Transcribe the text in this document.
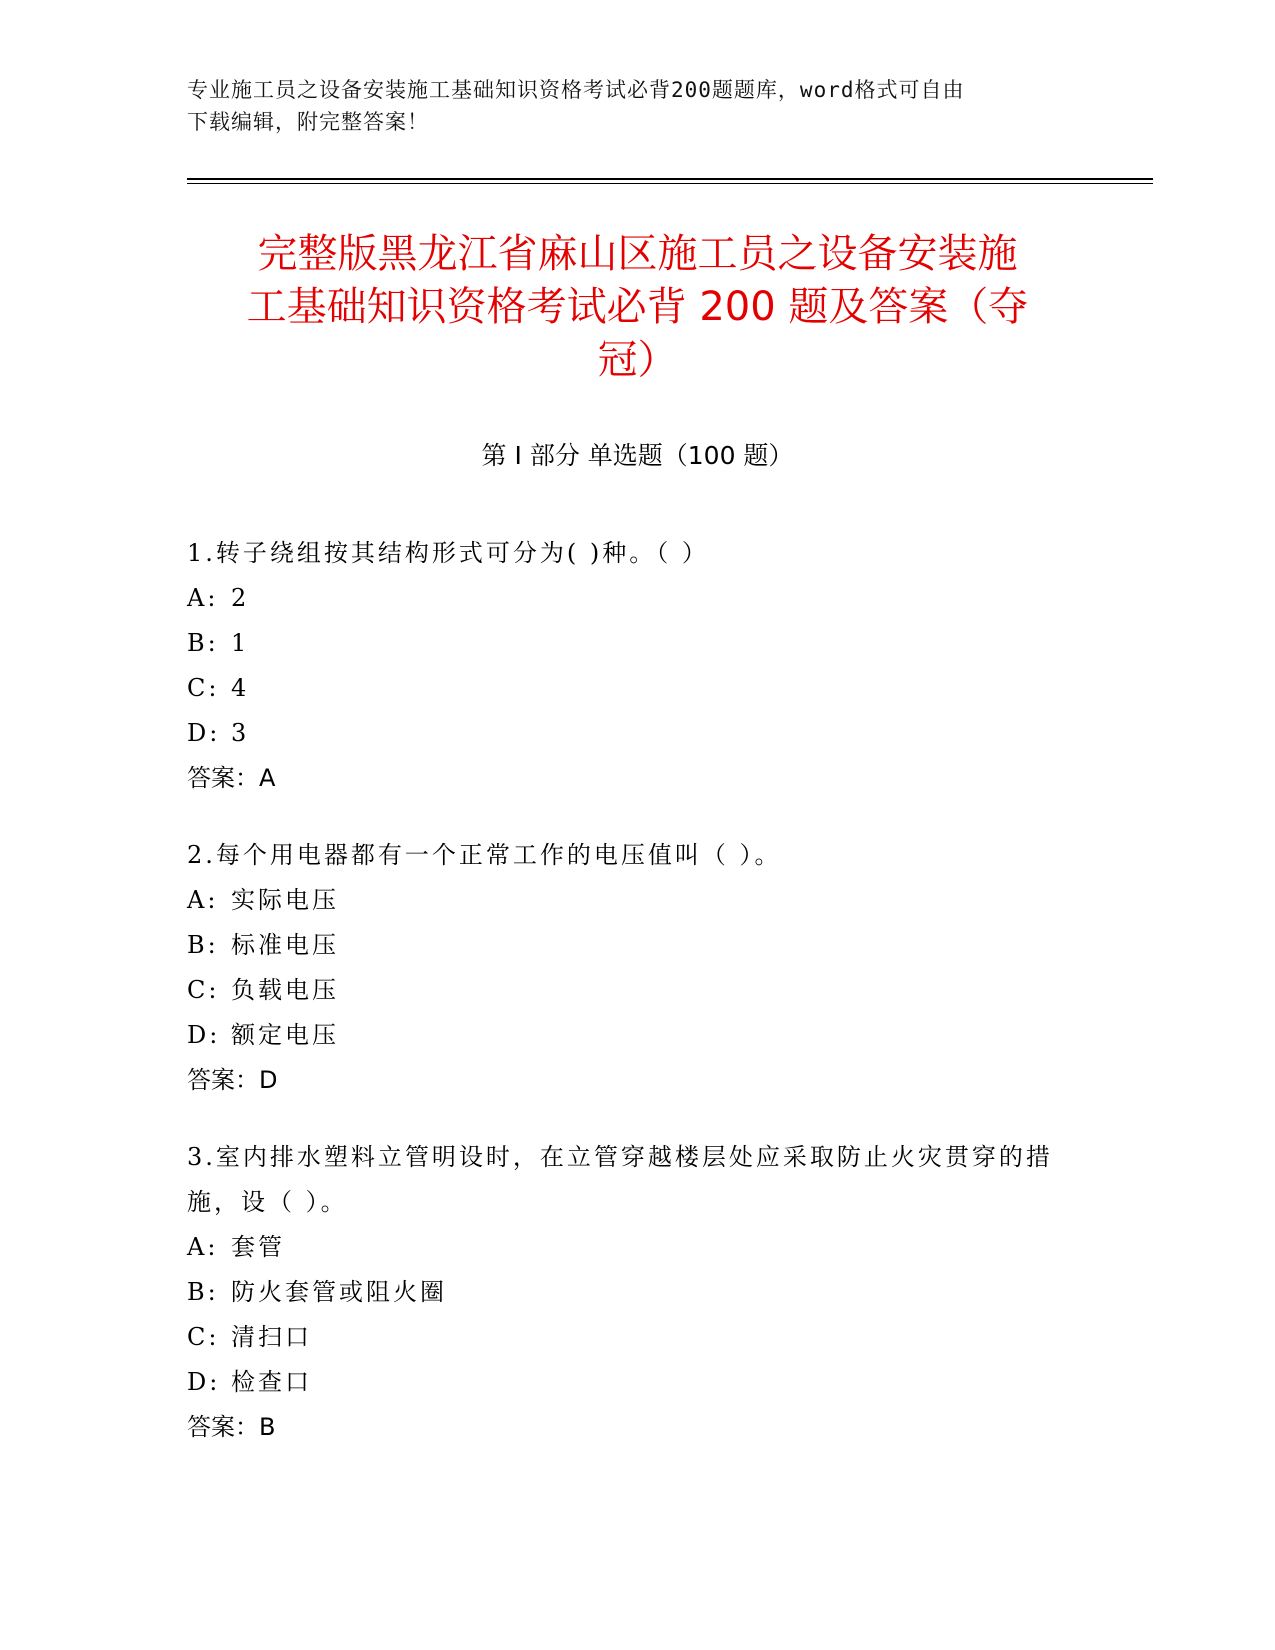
专业施工员之设备安装施工基础知识资格考试必背200题题库，word格式可自由
下载编辑，附完整答案！
完整版黑龙江省麻山区施工员之设备安装施
工基础知识资格考试必背 200 题及答案（夺
冠）
第 I 部分 单选题（100 题）

1.转子绕组按其结构形式可分为( )种。（ ）

A: 2

B: 1

C: 4

D: 3

答案：A

2.每个用电器都有一个正常工作的电压值叫（ ）。

A: 实际电压

B: 标准电压

C: 负载电压

D: 额定电压

答案：D

3.室内排水塑料立管明设时，在立管穿越楼层处应采取防止火灾贯穿的措施，设（ ）。

A: 套管

B: 防火套管或阻火圈

C: 清扫口

D: 检查口

答案：B
